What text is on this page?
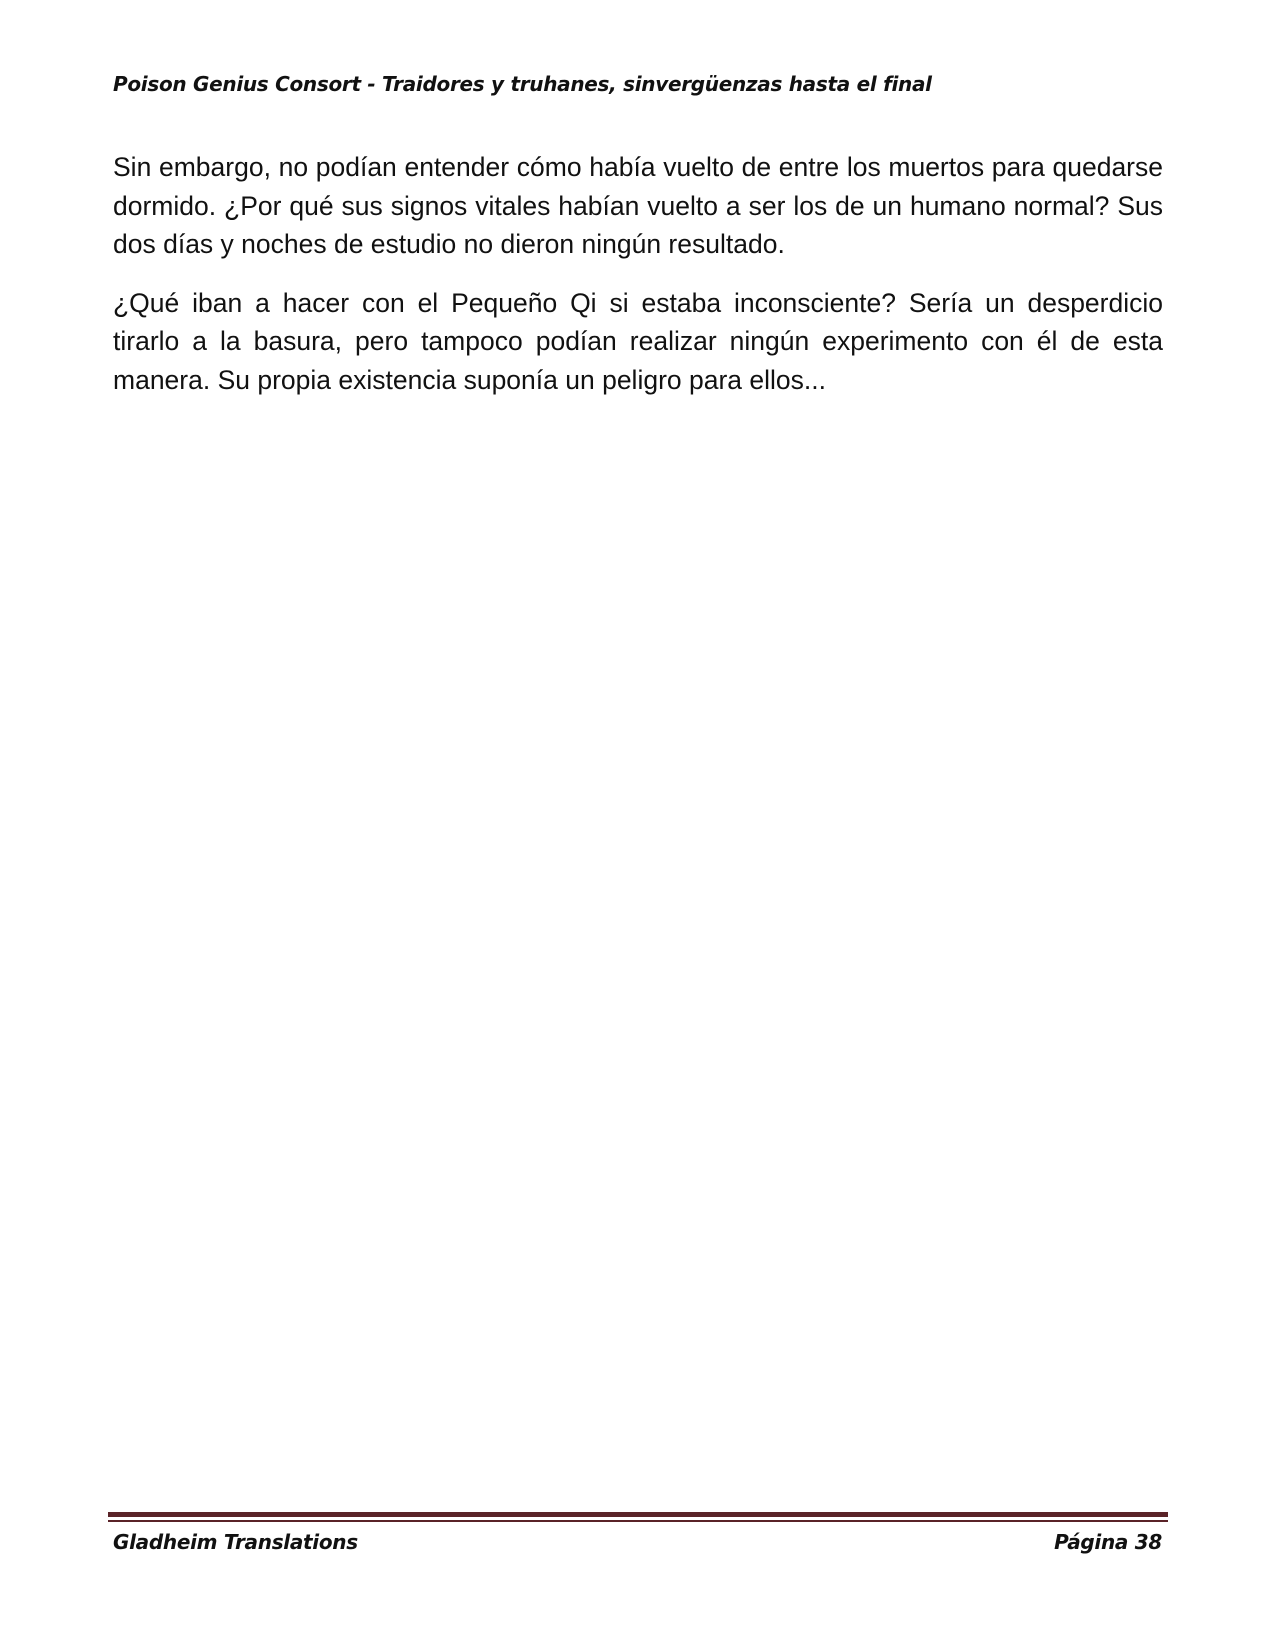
Poison Genius Consort - Traidores y truhanes, sinvergüenzas hasta el final

Sin embargo, no podían entender cómo había vuelto de entre los muertos para quedarse dormido. ¿Por qué sus signos vitales habían vuelto a ser los de un humano normal? Sus dos días y noches de estudio no dieron ningún resultado.

¿Qué iban a hacer con el Pequeño Qi si estaba inconsciente? Sería un desperdicio tirarlo a la basura, pero tampoco podían realizar ningún experimento con él de esta manera. Su propia existencia suponía un peligro para ellos...

Gladheim Translations	Página 38
